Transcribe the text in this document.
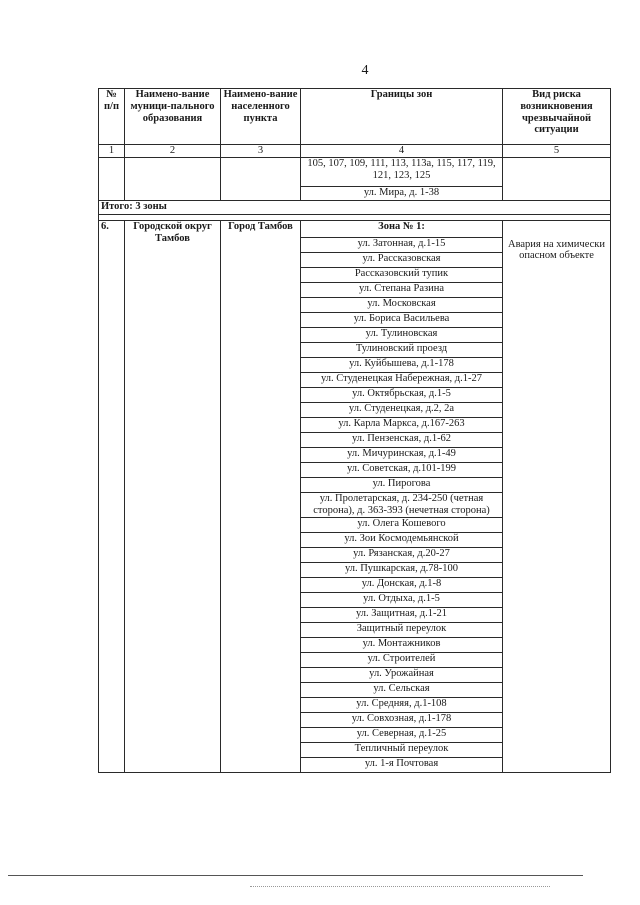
4
№ п/п	Наимено-вание муници-пального образования	Наимено-вание населенного пункта	Границы зон	Вид риска возникновения чрезвычайной ситуации
1	2	3	4	5
			105, 107, 109, 111, 113, 113а, 115, 117, 119, 121, 123, 125	
			ул. Мира, д. 1-38	
Итого: 3 зоны				

6.	Городской округ Тамбов	Город Тамбов	Зона № 1:	
			ул. Затонная, д.1-15	Авария на химически опасном объекте

			ул. Рассказовская	
			Рассказовский тупик	
			ул. Степана Разина	
			ул. Московская	
			ул. Бориса Васильева	
			ул. Тулиновская	
			Тулиновский проезд	
			ул. Куйбышева, д.1-178	
			ул. Студенецкая Набережная, д.1-27	
			ул. Октябрьская, д.1-5	
			ул. Студенецкая, д.2, 2а	
			ул. Карла Маркса, д.167-263	
			ул. Пензенская, д.1-62	
			ул. Мичуринская, д.1-49	
			ул. Советская, д.101-199	
			ул. Пирогова	
			ул. Пролетарская, д. 234-250 (четная сторона), д. 363-393 (нечетная сторона)	
			ул. Олега Кошевого	
			ул. Зои Космодемьянской	
			ул. Рязанская, д.20-27	
			ул. Пушкарская, д.78-100	
			ул. Донская, д.1-8	
			ул. Отдыха, д.1-5	
			ул. Защитная, д.1-21	
			Защитный переулок	
			ул. Монтажников	
			ул. Строителей	
			ул. Урожайная	
			ул. Сельская	
			ул. Средняя, д.1-108	
			ул. Совхозная, д.1-178	
			ул. Северная, д.1-25	
			Тепличный переулок	
			ул. 1-я Почтовая	
